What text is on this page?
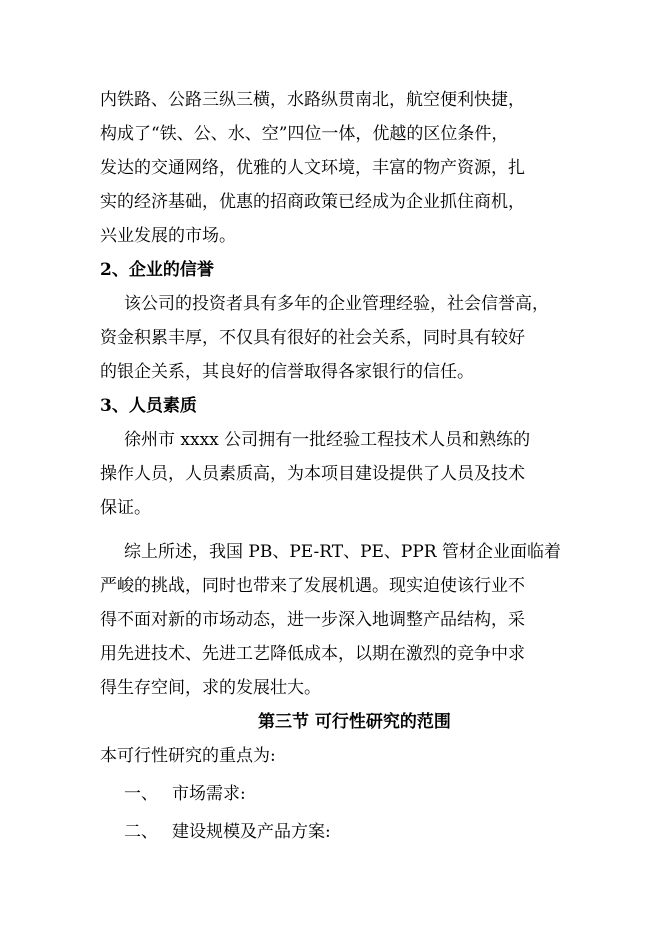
内铁路、公路三纵三横，水路纵贯南北，航空便利快捷，
构成了“铁、公、水、空”四位一体，优越的区位条件，
发达的交通网络，优雅的人文环境，丰富的物产资源，扎
实的经济基础，优惠的招商政策已经成为企业抓住商机，
兴业发展的市场。
2、企业的信誉
该公司的投资者具有多年的企业管理经验，社会信誉高，
资金积累丰厚，不仅具有很好的社会关系，同时具有较好
的银企关系，其良好的信誉取得各家银行的信任。
3、人员素质
徐州市 xxxx 公司拥有一批经验工程技术人员和熟练的
操作人员，人员素质高，为本项目建设提供了人员及技术
保证。
综上所述，我国 PB、PE-RT、PE、PPR 管材企业面临着
严峻的挑战，同时也带来了发展机遇。现实迫使该行业不
得不面对新的市场动态，进一步深入地调整产品结构，采
用先进技术、先进工艺降低成本，以期在激烈的竞争中求
得生存空间，求的发展壮大。
第三节 可行性研究的范围
本可行性研究的重点为:
一、 市场需求:
二、 建设规模及产品方案:
